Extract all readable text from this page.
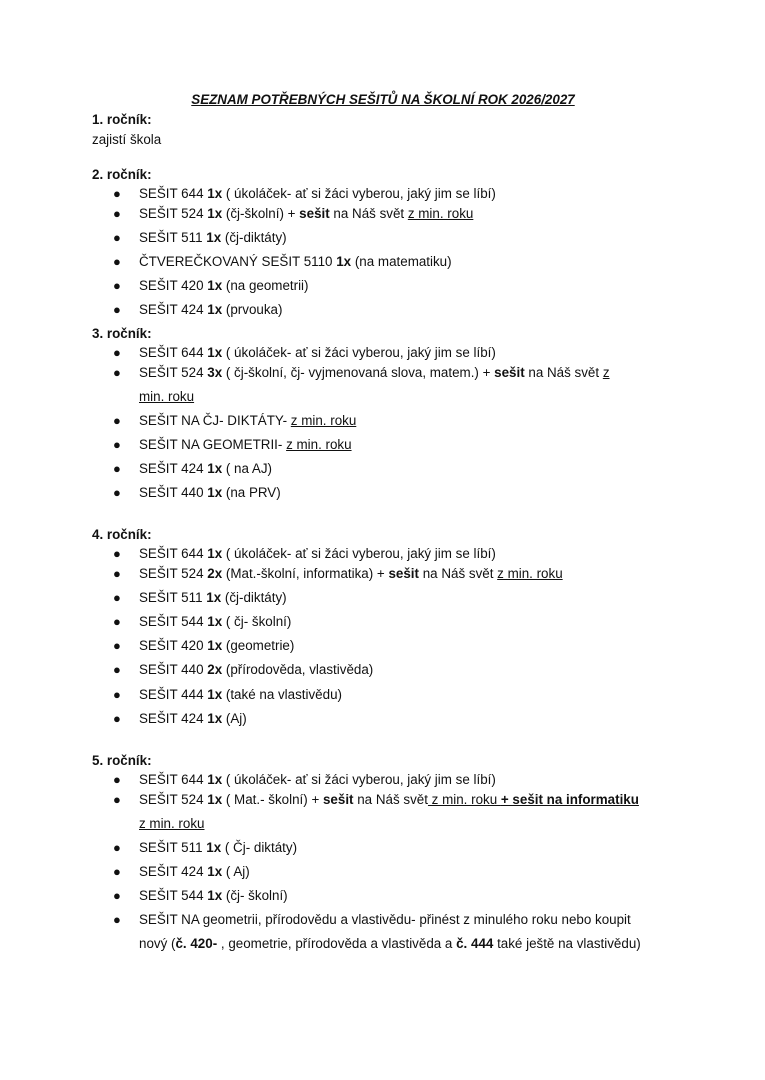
SEZNAM POTŘEBNÝCH SEŠITŮ NA ŠKOLNÍ ROK 2026/2027
1. ročník:
zajistí škola
2. ročník:
● SEŠIT 644 1x ( úkoláček- ať si žáci vyberou, jaký jim se líbí)
● SEŠIT 524 1x (čj-školní) + sešit na Náš svět z min. roku
● SEŠIT 511 1x (čj-diktáty)
● ČTVEREČKOVANÝ SEŠIT 5110 1x (na matematiku)
● SEŠIT 420 1x (na geometrii)
● SEŠIT 424 1x (prvouka)
3. ročník:
● SEŠIT 644 1x ( úkoláček- ať si žáci vyberou, jaký jim se líbí)
● SEŠIT 524 3x ( čj-školní, čj- vyjmenovaná slova, matem.) + sešit na Náš svět z
min. roku
● SEŠIT NA ČJ- DIKTÁTY- z min. roku
● SEŠIT NA GEOMETRII- z min. roku
● SEŠIT 424 1x ( na AJ)
● SEŠIT 440 1x (na PRV)
4. ročník:
● SEŠIT 644 1x ( úkoláček- ať si žáci vyberou, jaký jim se líbí)
● SEŠIT 524 2x (Mat.-školní, informatika) + sešit na Náš svět z min. roku
● SEŠIT 511 1x (čj-diktáty)
● SEŠIT 544 1x ( čj- školní)
● SEŠIT 420 1x (geometrie)
● SEŠIT 440 2x (přírodověda, vlastivěda)
● SEŠIT 444 1x (také na vlastivědu)
● SEŠIT 424 1x (Aj)
5. ročník:
● SEŠIT 644 1x ( úkoláček- ať si žáci vyberou, jaký jim se líbí)
● SEŠIT 524 1x ( Mat.- školní) + sešit na Náš svět z min. roku + sešit na informatiku
z min. roku
● SEŠIT 511 1x ( Čj- diktáty)
● SEŠIT 424 1x ( Aj)
● SEŠIT 544 1x (čj- školní)
● SEŠIT NA geometrii, přírodovědu a vlastivědu- přinést z minulého roku nebo koupit
nový (č. 420- , geometrie, přírodověda a vlastivěda a č. 444 také ještě na vlastivědu)
